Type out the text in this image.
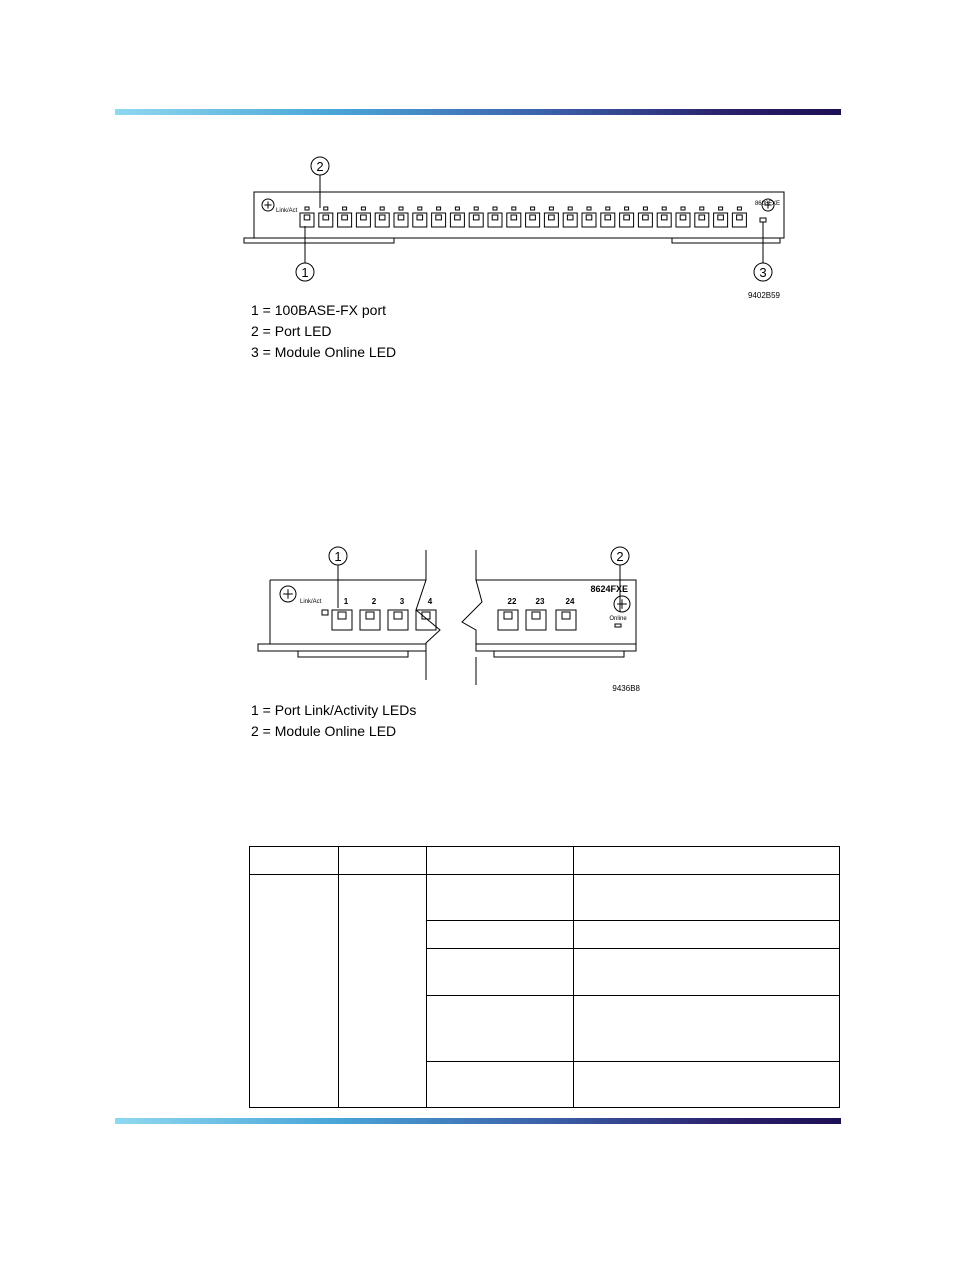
Link/Act
8608FXE
2
1	3
9402B59
1 = 100BASE-FX port
2 = Port LED
3 = Module Online LED
Link/Act
8624FXE
1	2	3	4	22 23	24
Online
1	2
9436B8
1 = Port Link/Activity LEDs
2 = Module Online LED
